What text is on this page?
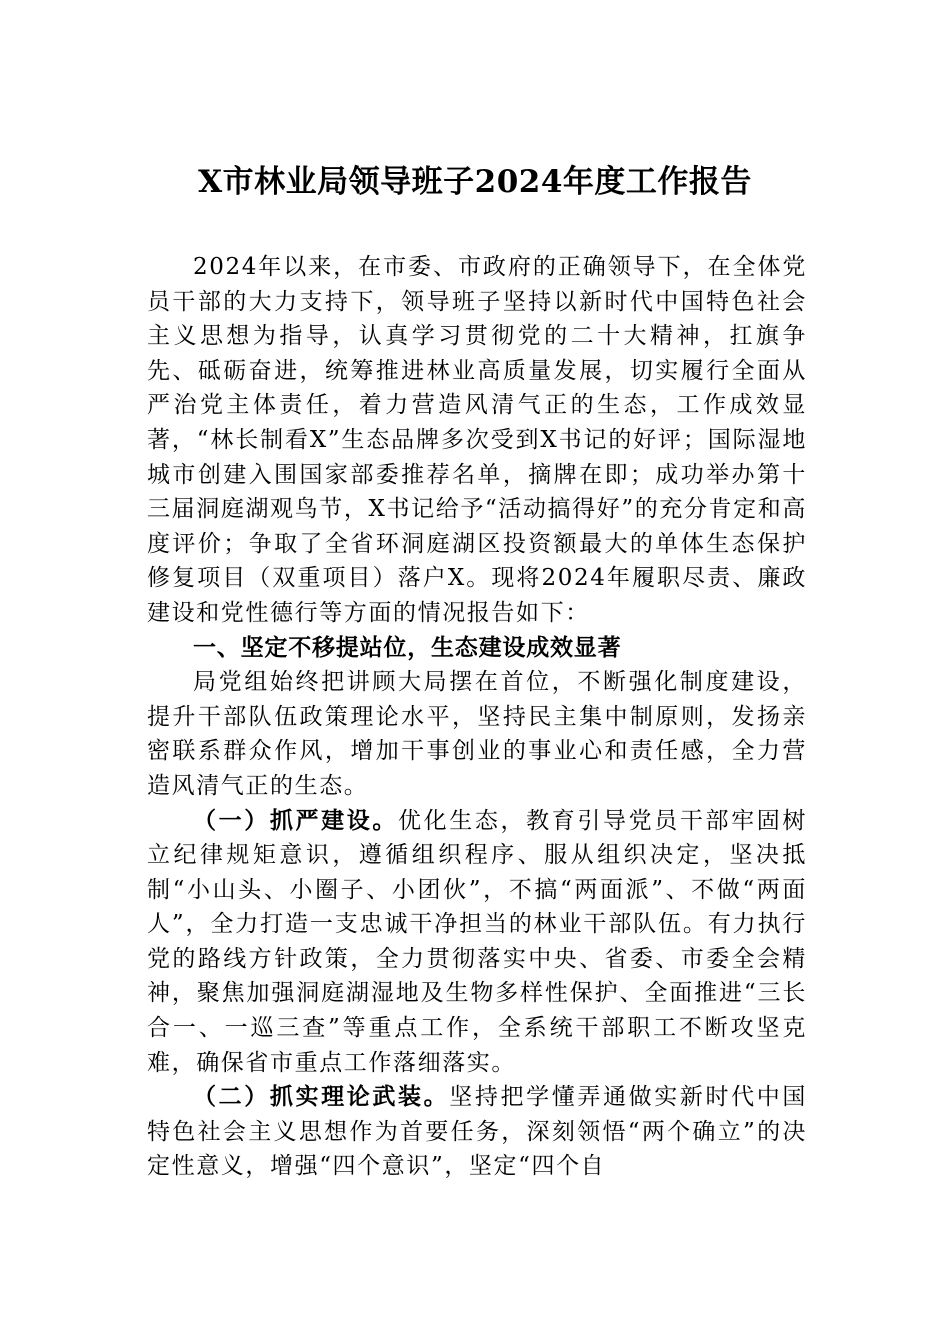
X市林业局领导班子2024年度工作报告

2024年以来，在市委、市政府的正确领导下，在全体党员干部的大力支持下，领导班子坚持以新时代中国特色社会主义思想为指导，认真学习贯彻党的二十大精神，扛旗争先、砥砺奋进，统筹推进林业高质量发展，切实履行全面从严治党主体责任，着力营造风清气正的生态，工作成效显著，“林长制看X”生态品牌多次受到X书记的好评；国际湿地城市创建入围国家部委推荐名单，摘牌在即；成功举办第十三届洞庭湖观鸟节，X书记给予“活动搞得好”的充分肯定和高度评价；争取了全省环洞庭湖区投资额最大的单体生态保护修复项目（双重项目）落户X。现将2024年履职尽责、廉政建设和党性德行等方面的情况报告如下：

一、坚定不移提站位，生态建设成效显著

局党组始终把讲顾大局摆在首位，不断强化制度建设，提升干部队伍政策理论水平，坚持民主集中制原则，发扬亲密联系群众作风，增加干事创业的事业心和责任感，全力营造风清气正的生态。

（一）抓严建设。优化生态，教育引导党员干部牢固树立纪律规矩意识，遵循组织程序、服从组织决定，坚决抵制“小山头、小圈子、小团伙”，不搞“两面派”、不做“两面人”，全力打造一支忠诚干净担当的林业干部队伍。有力执行党的路线方针政策，全力贯彻落实中央、省委、市委全会精神，聚焦加强洞庭湖湿地及生物多样性保护、全面推进“三长合一、一巡三查”等重点工作，全系统干部职工不断攻坚克难，确保省市重点工作落细落实。

（二）抓实理论武装。坚持把学懂弄通做实新时代中国特色社会主义思想作为首要任务，深刻领悟“两个确立”的决定性意义，增强“四个意识”，坚定“四个自
